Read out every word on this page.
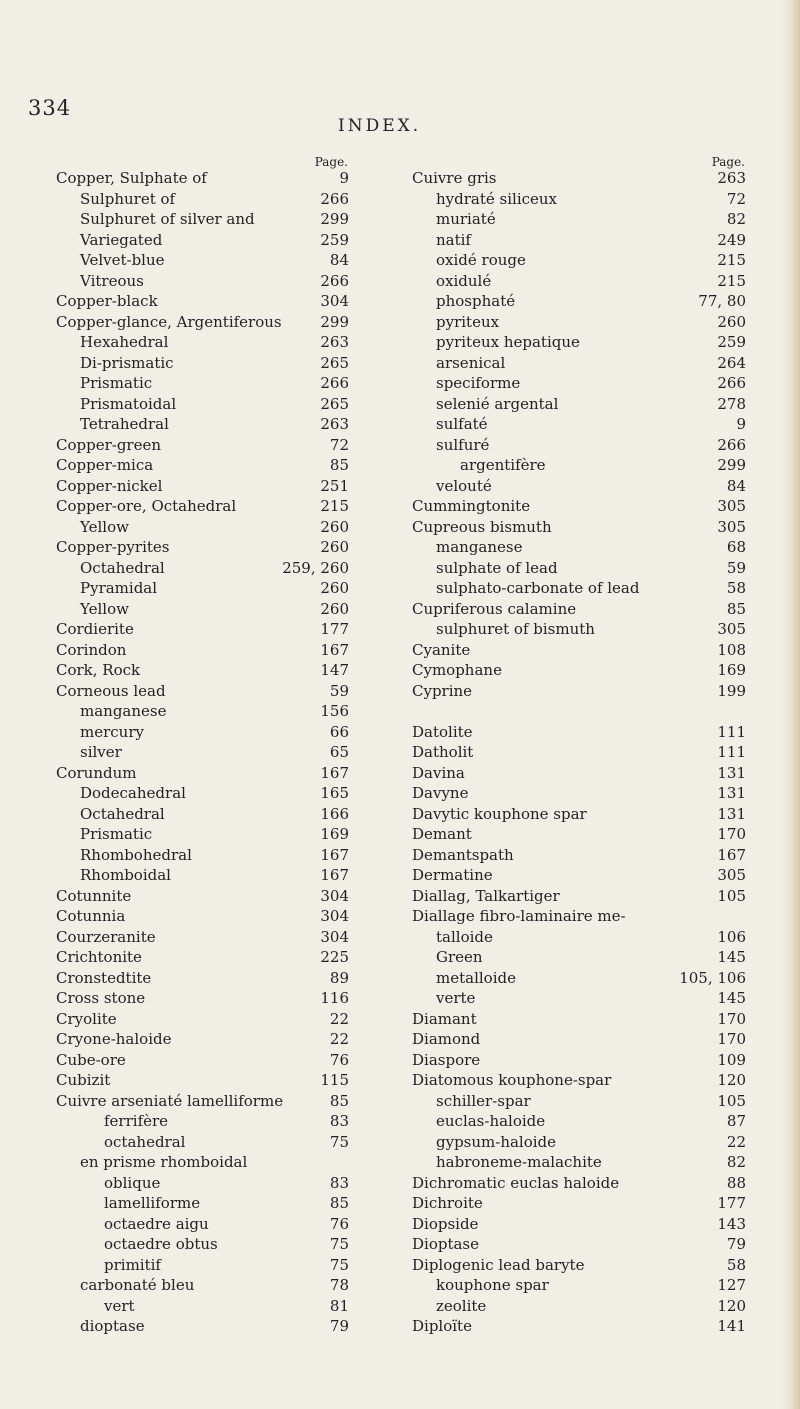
334
INDEX.
Page.
Copper, Sulphate of	9
Sulphuret of	266
Sulphuret of silver and	299
Variegated	259
Velvet-blue	84
Vitreous	266
Copper-black	304
Copper-glance, Argentiferous	299
Hexahedral	263
Di-prismatic	265
Prismatic	266
Prismatoidal	265
Tetrahedral	263
Copper-green	72
Copper-mica	85
Copper-nickel	251
Copper-ore, Octahedral	215
Yellow	260
Copper-pyrites	260
Octahedral	259, 260
Pyramidal	260
Yellow	260
Cordierite	177
Corindon	167
Cork, Rock	147
Corneous lead	59
manganese	156
mercury	66
silver	65
Corundum	167
Dodecahedral	165
Octahedral	166
Prismatic	169
Rhombohedral	167
Rhomboidal	167
Cotunnite	304
Cotunnia	304
Courzeranite	304
Crichtonite	225
Cronstedtite	89
Cross stone	116
Cryolite	22
Cryone-haloide	22
Cube-ore	76
Cubizit	115
Cuivre arseniaté lamelliforme	85
ferrifère	83
octahedral	75
en prisme rhomboidal
oblique	83
lamelliforme	85
octaedre aigu	76
octaedre obtus	75
primitif	75
carbonaté bleu	78
vert	81
dioptase	79
Page.
Cuivre gris	263
hydraté siliceux	72
muriaté	82
natif	249
oxidé rouge	215
oxidulé	215
phosphaté	77, 80
pyriteux	260
pyriteux hepatique	259
arsenical	264
speciforme	266
selenié argental	278
sulfaté	9
sulfuré	266
argentifère	299
velouté	84
Cummingtonite	305
Cupreous bismuth	305
manganese	68
sulphate of lead	59
sulphato-carbonate of lead	58
Cupriferous calamine	85
sulphuret of bismuth	305
Cyanite	108
Cymophane	169
Cyprine	199
Datolite	111
Datholit	111
Davina	131
Davyne	131
Davytic kouphone spar	131
Demant	170
Demantspath	167
Dermatine	305
Diallag, Talkartiger	105
Diallage fibro-laminaire me-
talloide	106
Green	145
metalloide	105, 106
verte	145
Diamant	170
Diamond	170
Diaspore	109
Diatomous kouphone-spar	120
schiller-spar	105
euclas-haloide	87
gypsum-haloide	22
habroneme-malachite	82
Dichromatic euclas haloide	88
Dichroite	177
Diopside	143
Dioptase	79
Diplogenic lead baryte	58
kouphone spar	127
zeolite	120
Diploïte	141
